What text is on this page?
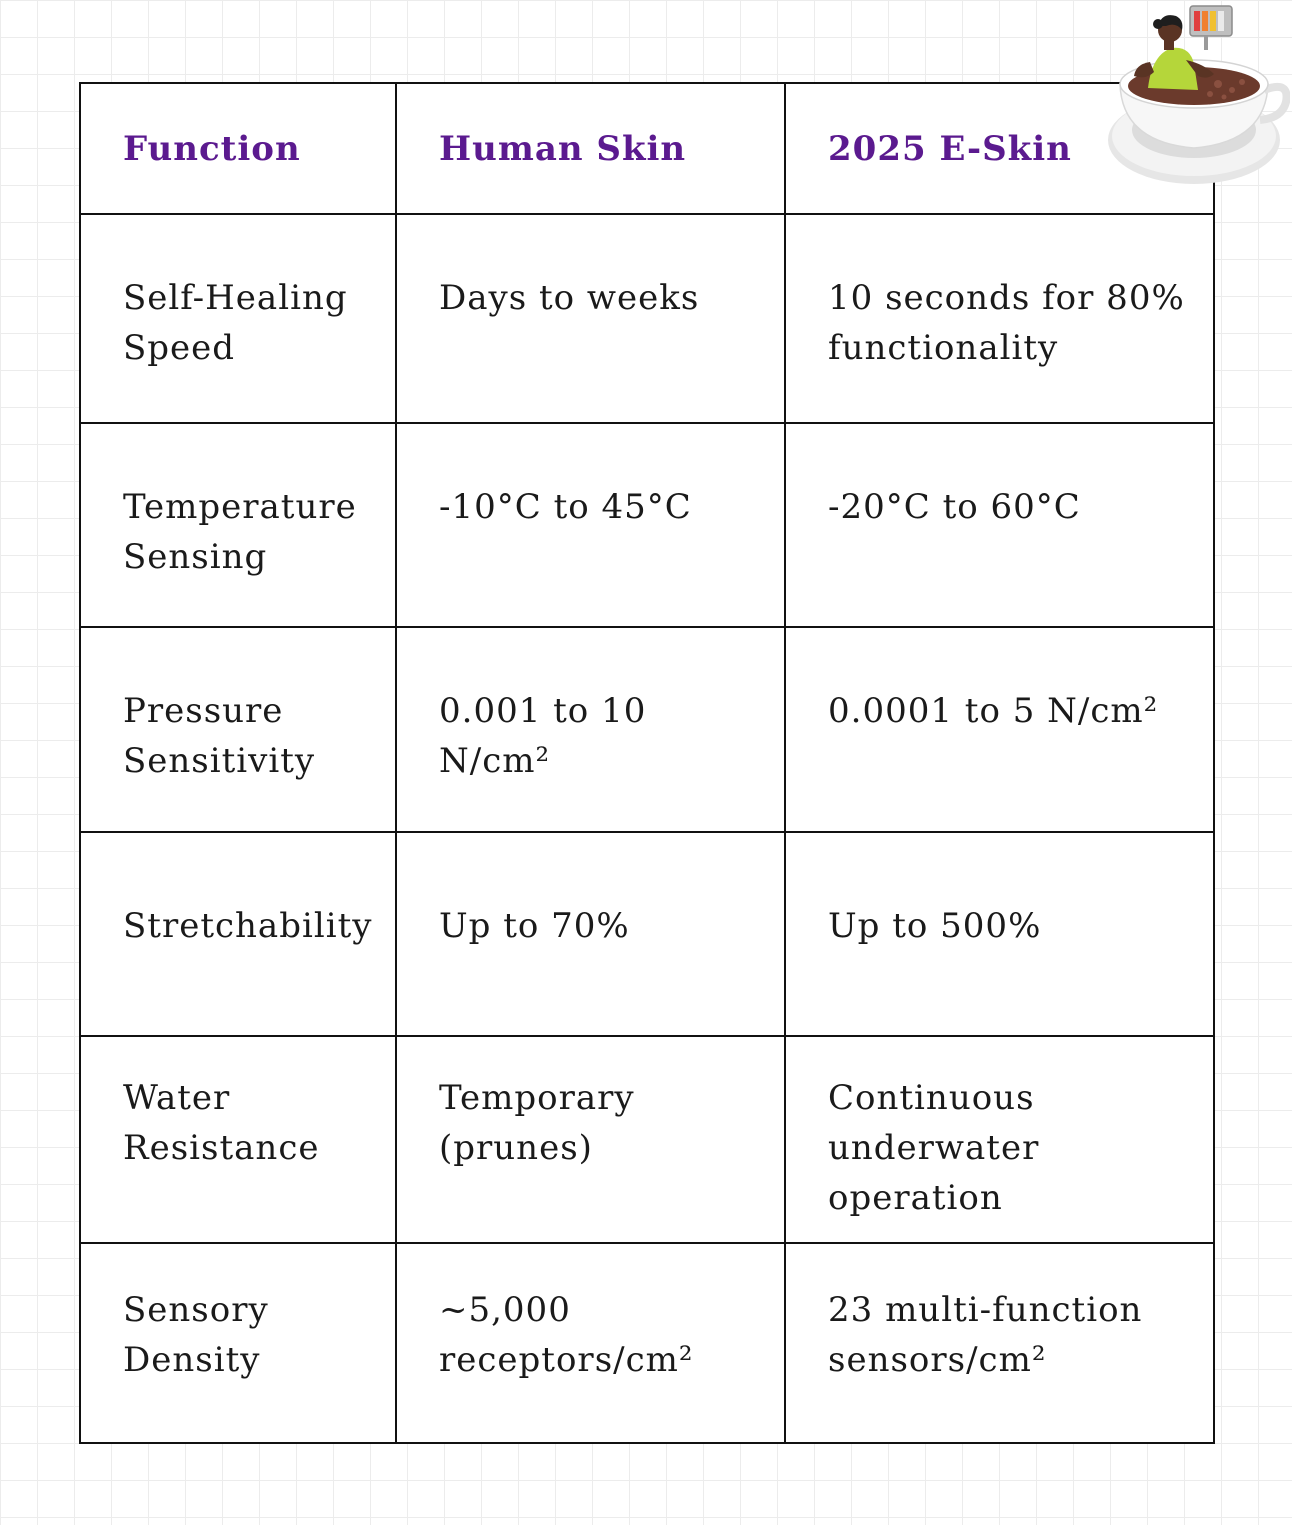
Function	Human Skin	2025 E-Skin
Self-Healing Speed	Days to weeks	10 seconds for 80% functionality
Temperature Sensing	-10°C to 45°C	-20°C to 60°C
Pressure Sensitivity	0.001 to 10 N/cm²	0.0001 to 5 N/cm²
Stretchability	Up to 70%	Up to 500%
Water Resistance	Temporary (prunes)	Continuous underwater operation
Sensory Density	~5,000 receptors/cm²	23 multi-function sensors/cm²
